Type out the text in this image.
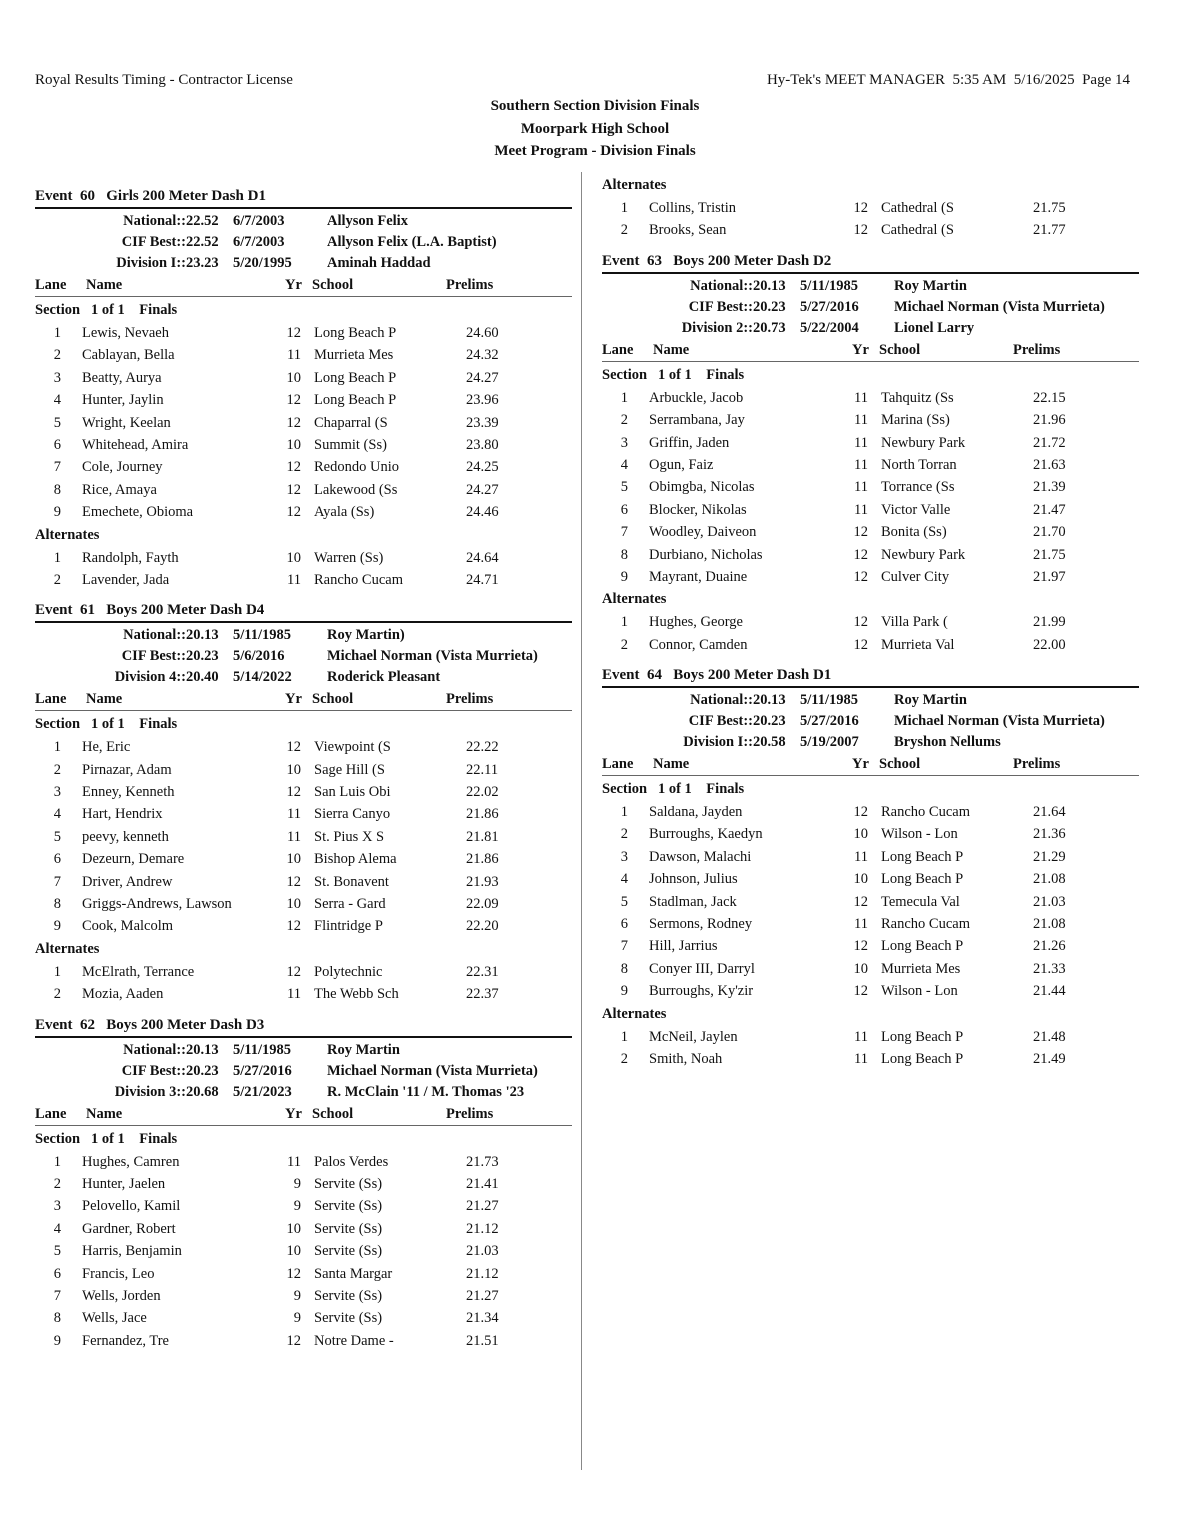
Royal Results Timing - Contractor License	Hy-Tek's MEET MANAGER  5:35 AM  5/16/2025  Page 14
Southern Section Division Finals
Moorpark High School
Meet Program - Division Finals
Event  60   Girls 200 Meter Dash D1
National:: 22.52 6/7/2003	Allyson Felix
CIF Best:: 22.52 6/7/2003	Allyson Felix (L.A. Baptist)
Division I:: 23.23 5/20/1995 Aminah Haddad
Lane Name	Yr School	Prelims
Section   1 of 1    Finals
1 Lewis, Nevaeh	12 Long Beach P	24.60
2 Cablayan, Bella	11 Murrieta Mes	24.32
3 Beatty, Aurya	10 Long Beach P	24.27
4 Hunter, Jaylin	12 Long Beach P	23.96
5 Wright, Keelan	12 Chaparral (S	23.39
6 Whitehead, Amira	10 Summit (Ss)	23.80
7 Cole, Journey	12 Redondo Unio	24.25
8 Rice, Amaya	12 Lakewood (Ss	24.27
9 Emechete, Obioma	12 Ayala (Ss)	24.46
Alternates
1 Randolph, Fayth	10 Warren (Ss)	24.64
2 Lavender, Jada	11 Rancho Cucam	24.71
Event  61   Boys 200 Meter Dash D4
National:: 20.13 5/11/1985 Roy Martin)
CIF Best:: 20.23 5/6/2016	Michael Norman (Vista Murrieta)
Division 4:: 20.40 5/14/2022 Roderick Pleasant
Lane Name	Yr School	Prelims
Section   1 of 1    Finals
1 He, Eric	12 Viewpoint (S	22.22
2 Pirnazar, Adam	10 Sage Hill (S	22.11
3 Enney, Kenneth	12 San Luis Obi	22.02
4 Hart, Hendrix	11 Sierra Canyo	21.86
5 peevy, kenneth	11 St. Pius X S	21.81
6 Dezeurn, Demare	10 Bishop Alema	21.86
7 Driver, Andrew	12 St. Bonavent	21.93
8 Griggs-Andrews, Lawson	10 Serra - Gard	22.09
9 Cook, Malcolm	12 Flintridge P	22.20
Alternates
1 McElrath, Terrance	12 Polytechnic	22.31
2 Mozia, Aaden	11 The Webb Sch	22.37
Event  62   Boys 200 Meter Dash D3
National:: 20.13 5/11/1985 Roy Martin
CIF Best:: 20.23 5/27/2016 Michael Norman (Vista Murrieta)
Division 3:: 20.68 5/21/2023 R. McClain '11 / M. Thomas '23
Lane Name	Yr School	Prelims
Section   1 of 1    Finals
1 Hughes, Camren	11 Palos Verdes	21.73
2 Hunter, Jaelen	9 Servite (Ss)	21.41
3 Pelovello, Kamil	9 Servite (Ss)	21.27
4 Gardner, Robert	10 Servite (Ss)	21.12
5 Harris, Benjamin	10 Servite (Ss)	21.03
6 Francis, Leo	12 Santa Margar	21.12
7 Wells, Jorden	9 Servite (Ss)	21.27
8 Wells, Jace	9 Servite (Ss)	21.34
9 Fernandez, Tre	12 Notre Dame -	21.51
Alternates
1 Collins, Tristin	12 Cathedral (S	21.75
2 Brooks, Sean	12 Cathedral (S	21.77
Event  63   Boys 200 Meter Dash D2
National:: 20.13 5/11/1985 Roy Martin
CIF Best:: 20.23 5/27/2016 Michael Norman (Vista Murrieta)
Division 2:: 20.73 5/22/2004 Lionel Larry
Lane Name	Yr School	Prelims
Section   1 of 1    Finals
1 Arbuckle, Jacob	11 Tahquitz (Ss	22.15
2 Serrambana, Jay	11 Marina (Ss)	21.96
3 Griffin, Jaden	11 Newbury Park	21.72
4 Ogun, Faiz	11 North Torran	21.63
5 Obimgba, Nicolas	11 Torrance (Ss	21.39
6 Blocker, Nikolas	11 Victor Valle	21.47
7 Woodley, Daiveon	12 Bonita (Ss)	21.70
8 Durbiano, Nicholas	12 Newbury Park	21.75
9 Mayrant, Duaine	12 Culver City	21.97
Alternates
1 Hughes, George	12 Villa Park (	21.99
2 Connor, Camden	12 Murrieta Val	22.00
Event  64   Boys 200 Meter Dash D1
National:: 20.13 5/11/1985 Roy Martin
CIF Best:: 20.23 5/27/2016 Michael Norman (Vista Murrieta)
Division I:: 20.58 5/19/2007 Bryshon Nellums
Lane Name	Yr School	Prelims
Section   1 of 1    Finals
1 Saldana, Jayden	12 Rancho Cucam	21.64
2 Burroughs, Kaedyn	10 Wilson - Lon	21.36
3 Dawson, Malachi	11 Long Beach P	21.29
4 Johnson, Julius	10 Long Beach P	21.08
5 Stadlman, Jack	12 Temecula Val	21.03
6 Sermons, Rodney	11 Rancho Cucam	21.08
7 Hill, Jarrius	12 Long Beach P	21.26
8 Conyer III, Darryl	10 Murrieta Mes	21.33
9 Burroughs, Ky'zir	12 Wilson - Lon	21.44
Alternates
1 McNeil, Jaylen	11 Long Beach P	21.48
2 Smith, Noah	11 Long Beach P	21.49
